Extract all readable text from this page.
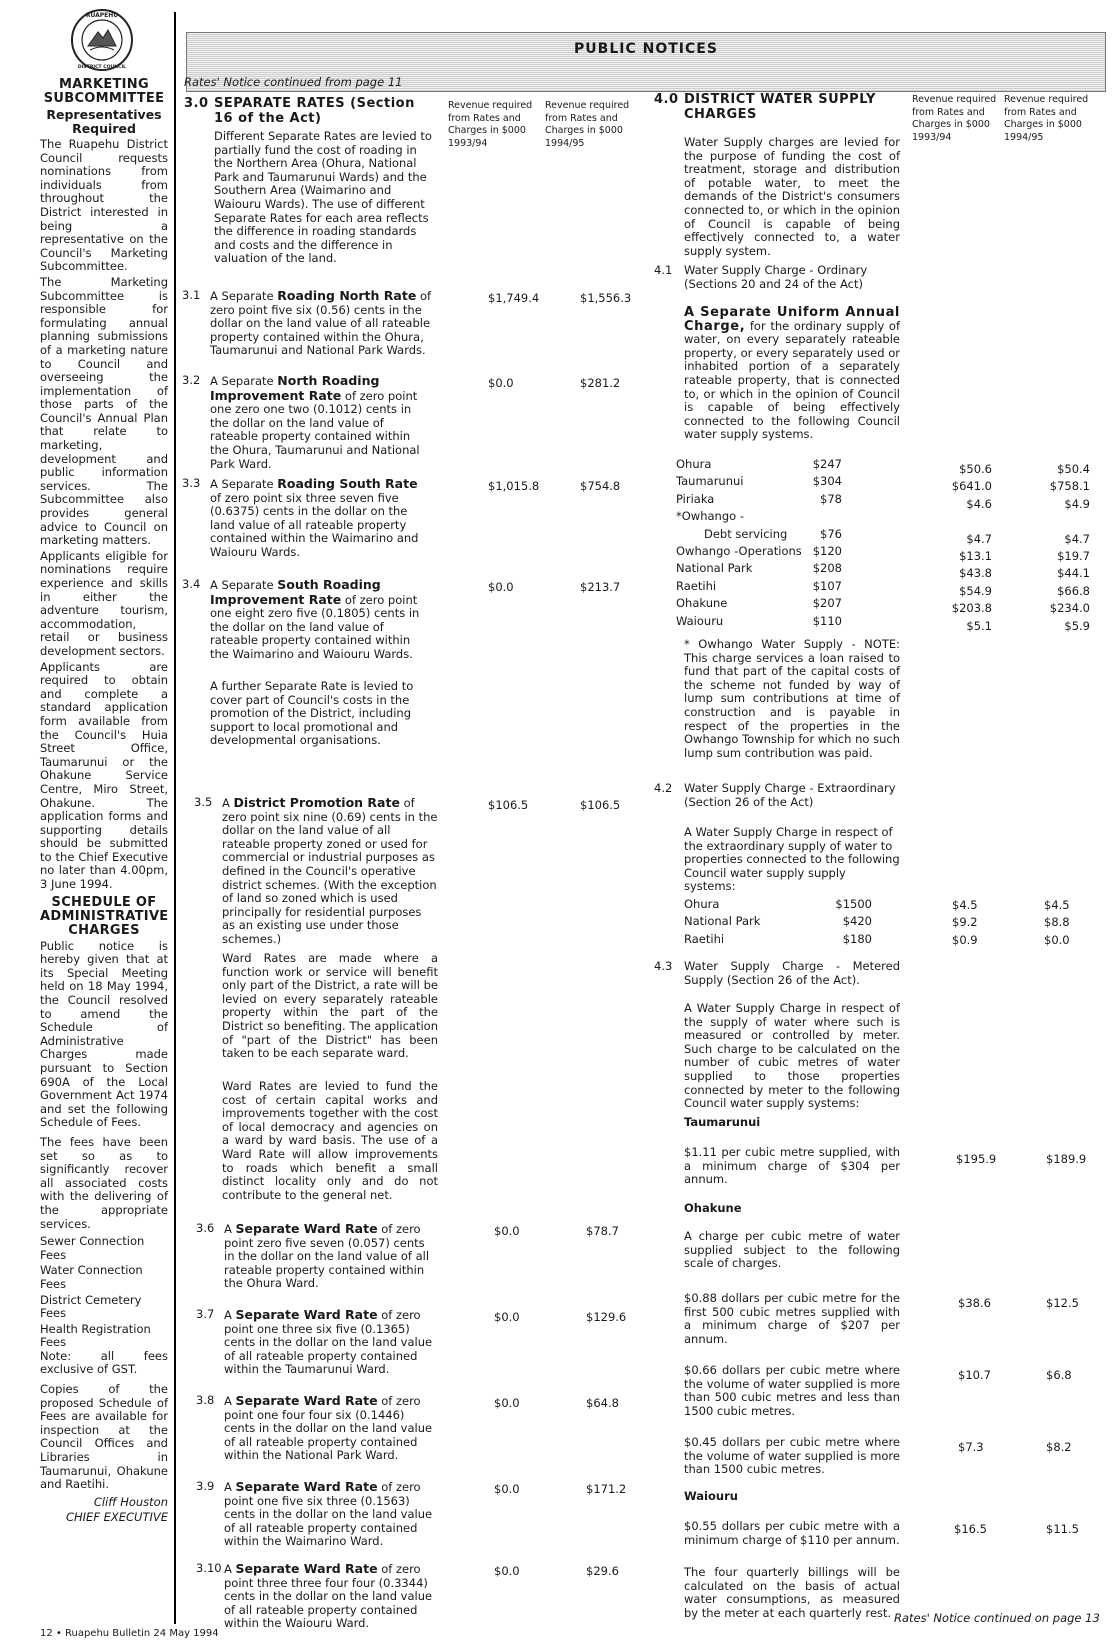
RUAPEHU
DISTRICT COUNCIL
PUBLIC NOTICES

MARKETING SUBCOMMITTEE

Representatives Required

The Ruapehu District Council requests nominations from individuals from throughout the District interested in being a representative on the Council's Marketing Subcommittee.

The Marketing Subcommittee is responsible for formulating annual planning submissions of a marketing nature to Council and overseeing the implementation of those parts of the Council's Annual Plan that relate to marketing, development and public information services. The Subcommittee also provides general advice to Council on marketing matters.

Applicants eligible for nominations require experience and skills in either the adventure tourism, accommodation, retail or business development sectors.

Applicants are required to obtain and complete a standard application form available from the Council's Huia Street Office, Taumarunui or the Ohakune Service Centre, Miro Street, Ohakune. The application forms and supporting details should be submitted to the Chief Executive no later than 4.00pm, 3 June 1994.

SCHEDULE OF ADMINISTRATIVE CHARGES

Public notice is hereby given that at its Special Meeting held on 18 May 1994, the Council resolved to amend the Schedule of Administrative Charges made pursuant to Section 690A of the Local Government Act 1974 and set the following Schedule of Fees.

The fees have been set so as to significantly recover all associated costs with the delivering of the appropriate services.

Sewer Connection Fees

Water Connection Fees

District Cemetery Fees

Health Registration Fees

Note: all fees exclusive of GST.

Copies of the proposed Schedule of Fees are available for inspection at the Council Offices and Libraries in Taumarunui, Ohakune and Raetihi.

Cliff Houston

CHIEF EXECUTIVE

Rates' Notice continued from page 11
Revenue required from Rates and Charges in $000 1993/94
Revenue required from Rates and Charges in $000 1994/95
3.0 SEPARATE RATES (Section 16 of the Act)
Different Separate Rates are levied to partially fund the cost of roading in the Northern Area (Ohura, National Park and Taumarunui Wards) and the Southern Area (Waimarino and Waiouru Wards). The use of different Separate Rates for each area reflects the difference in roading standards and costs and the difference in valuation of the land.
3.1 A Separate Roading North Rate of zero point five six (0.56) cents in the dollar on the land value of all rateable property contained within the Ohura, Taumarunui and National Park Wards.
$1,749.4	$1,556.3
3.2 A Separate North Roading Improvement Rate of zero point one zero one two (0.1012) cents in the dollar on the land value of rateable property contained within the Ohura, Taumarunui and National Park Ward.
$0.0	$281.2
3.3 A Separate Roading South Rate of zero point six three seven five (0.6375) cents in the dollar on the land value of all rateable property contained within the Waimarino and Waiouru Wards.
$1,015.8	$754.8
3.4 A Separate South Roading Improvement Rate of zero point one eight zero five (0.1805) cents in the dollar on the land value of rateable property contained within the Waimarino and Waiouru Wards.
$0.0	$213.7
A further Separate Rate is levied to cover part of Council's costs in the promotion of the District, including support to local promotional and developmental organisations.
3.5 A District Promotion Rate of zero point six nine (0.69) cents in the dollar on the land value of all rateable property zoned or used for commercial or industrial purposes as defined in the Council's operative district schemes. (With the exception of land so zoned which is used principally for residential purposes as an existing use under those schemes.)
$106.5	$106.5
Ward Rates are made where a function work or service will benefit only part of the District, a rate will be levied on every separately rateable property within the part of the District so benefiting. The application of "part of the District" has been taken to be each separate ward.
Ward Rates are levied to fund the cost of certain capital works and improvements together with the cost of local democracy and agencies on a ward by ward basis. The use of a Ward Rate will allow improvements to roads which benefit a small distinct locality only and do not contribute to the general net.
3.6 A Separate Ward Rate of zero point zero five seven (0.057) cents in the dollar on the land value of all rateable property contained within the Ohura Ward.
$0.0	$78.7
3.7 A Separate Ward Rate of zero point one three six five (0.1365) cents in the dollar on the land value of all rateable property contained within the Taumarunui Ward.
$0.0	$129.6
3.8 A Separate Ward Rate of zero point one four four six (0.1446) cents in the dollar on the land value of all rateable property contained within the National Park Ward.
$0.0	$64.8
3.9 A Separate Ward Rate of zero point one five six three (0.1563) cents in the dollar on the land value of all rateable property contained within the Waimarino Ward.
$0.0	$171.2
3.10 A Separate Ward Rate of zero point three three four four (0.3344) cents in the dollar on the land value of all rateable property contained within the Waiouru Ward.
$0.0	$29.6
4.0 DISTRICT WATER SUPPLY CHARGES
Revenue required from Rates and Charges in $000 1993/94
Revenue required from Rates and Charges in $000 1994/95
Water Supply charges are levied for the purpose of funding the cost of treatment, storage and distribution of potable water, to meet the demands of the District's consumers connected to, or which in the opinion of Council is capable of being effectively connected to, a water supply system.
4.1 Water Supply Charge - Ordinary (Sections 20 and 24 of the Act)
A Separate Uniform Annual Charge, for the ordinary supply of water, on every separately rateable property, or every separately used or inhabited portion of a separately rateable property, that is connected to, or which in the opinion of Council is capable of being effectively connected to the following Council water supply systems.
Ohura	$247	$50.6	$50.4
Taumarunui	$304	$641.0	$758.1
Piriaka	$78	$4.6	$4.9
*Owhango -
Debt servicing	$76	$4.7	$4.7
Owhango -Operations $120	$13.1	$19.7
National Park	$208	$43.8	$44.1
Raetihi	$107	$54.9	$66.8
Ohakune	$207	$203.8	$234.0
Waiouru	$110	$5.1	$5.9
* Owhango Water Supply - NOTE: This charge services a loan raised to fund that part of the capital costs of the scheme not funded by way of lump sum contributions at time of construction and is payable in respect of the properties in the Owhango Township for which no such lump sum contribution was paid.
4.2 Water Supply Charge - Extraordinary (Section 26 of the Act)
A Water Supply Charge in respect of the extraordinary supply of water to properties connected to the following Council water supply supply systems:
Ohura	$1500	$4.5	$4.5
National Park	$420	$9.2	$8.8
Raetihi	$180	$0.9	$0.0
4.3 Water Supply Charge - Metered Supply (Section 26 of the Act).
A Water Supply Charge in respect of the supply of water where such is measured or controlled by meter. Such charge to be calculated on the number of cubic metres of water supplied to those properties connected by meter to the following Council water supply systems:
Taumarunui
$1.11 per cubic metre supplied, with a minimum charge of $304 per annum.
$195.9	$189.9
Ohakune
A charge per cubic metre of water supplied subject to the following scale of charges.
$0.88 dollars per cubic metre for the first 500 cubic metres supplied with a minimum charge of $207 per annum.
$38.6	$12.5
$0.66 dollars per cubic metre where the volume of water supplied is more than 500 cubic metres and less than 1500 cubic metres.
$10.7	$6.8
$0.45 dollars per cubic metre where the volume of water supplied is more than 1500 cubic metres.
$7.3	$8.2
Waiouru
$0.55 dollars per cubic metre with a minimum charge of $110 per annum.
$16.5	$11.5
The four quarterly billings will be calculated on the basis of actual water consumptions, as measured by the meter at each quarterly rest. Rates' Notice continued on page 13
12 • Ruapehu Bulletin 24 May 1994
